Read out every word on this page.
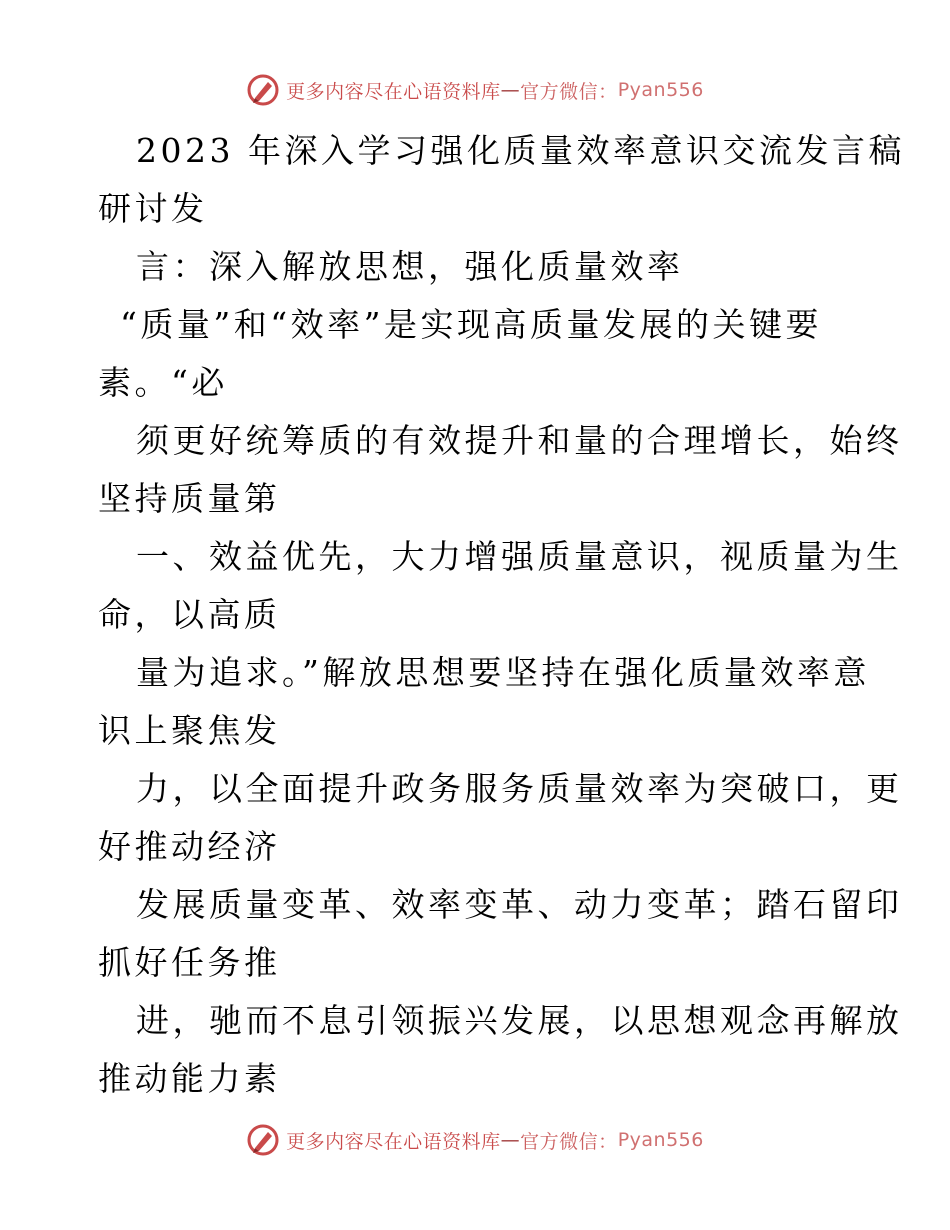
更多内容尽在心语资料库 — 官方微信： Pyan556
2023 年深入学习强化质量效率意识交流发言稿
研讨发
言：深入解放思想，强化质量效率
“质量”和“效率”是实现高质量发展的关键要
素。“必
须更好统筹质的有效提升和量的合理增长，始终
坚持质量第
一、效益优先，大力增强质量意识，视质量为生
命，以高质
量为追求。”解放思想要坚持在强化质量效率意
识上聚焦发
力，以全面提升政务服务质量效率为突破口，更
好推动经济
发展质量变革、效率变革、动力变革；踏石留印
抓好任务推
进，驰而不息引领振兴发展，以思想观念再解放
推动能力素
更多内容尽在心语资料库 — 官方微信： Pyan556
